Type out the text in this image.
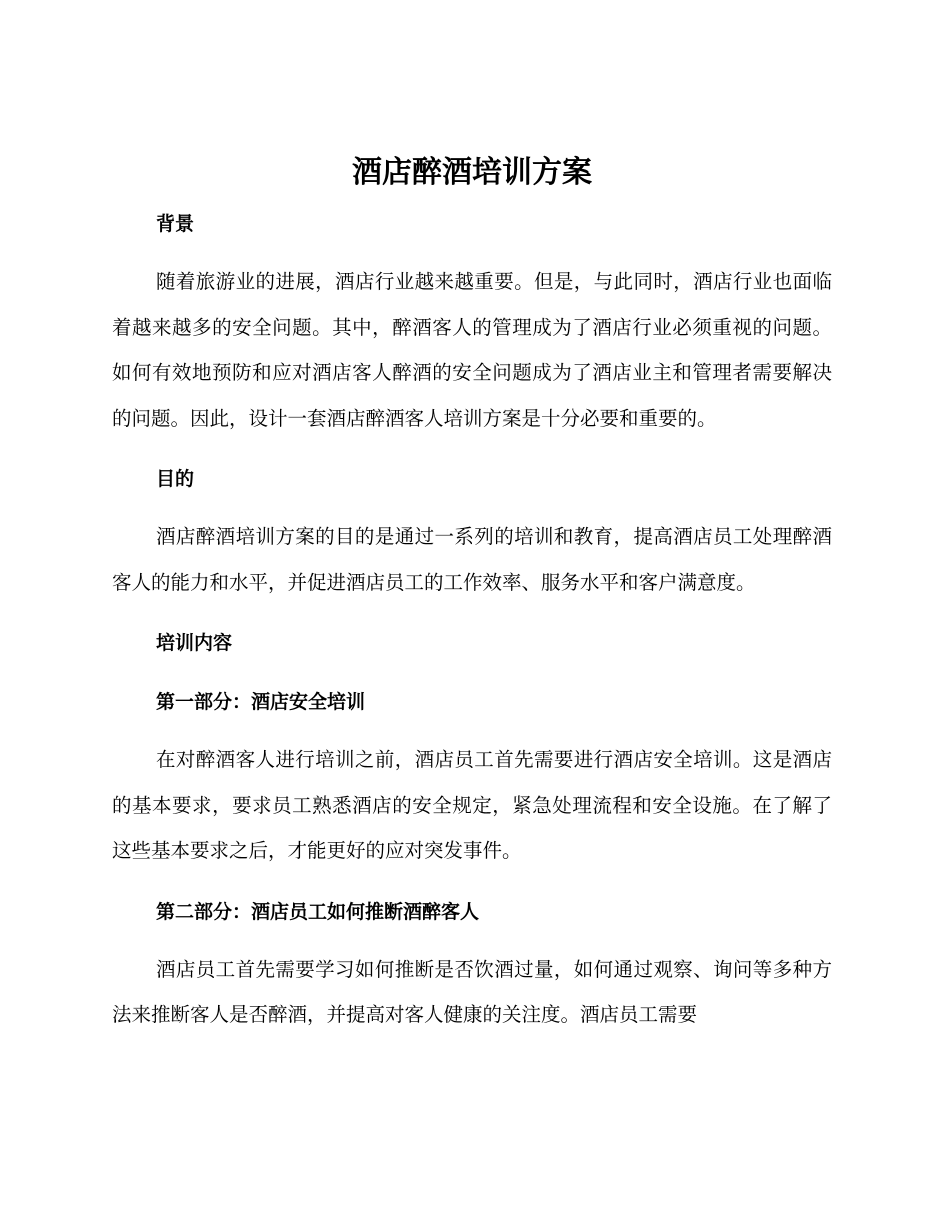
酒店醉酒培训方案
背景

随着旅游业的进展，酒店行业越来越重要。但是，与此同时，酒店行业也面临着越来越多的安全问题。其中，醉酒客人的管理成为了酒店行业必须重视的问题。如何有效地预防和应对酒店客人醉酒的安全问题成为了酒店业主和管理者需要解决的问题。因此，设计一套酒店醉酒客人培训方案是十分必要和重要的。

目的

酒店醉酒培训方案的目的是通过一系列的培训和教育，提高酒店员工处理醉酒客人的能力和水平，并促进酒店员工的工作效率、服务水平和客户满意度。

培训内容
第一部分：酒店安全培训

在对醉酒客人进行培训之前，酒店员工首先需要进行酒店安全培训。这是酒店的基本要求，要求员工熟悉酒店的安全规定，紧急处理流程和安全设施。在了解了这些基本要求之后，才能更好的应对突发事件。

第二部分：酒店员工如何推断酒醉客人

酒店员工首先需要学习如何推断是否饮酒过量，如何通过观察、询问等多种方法来推断客人是否醉酒，并提高对客人健康的关注度。酒店员工需要
